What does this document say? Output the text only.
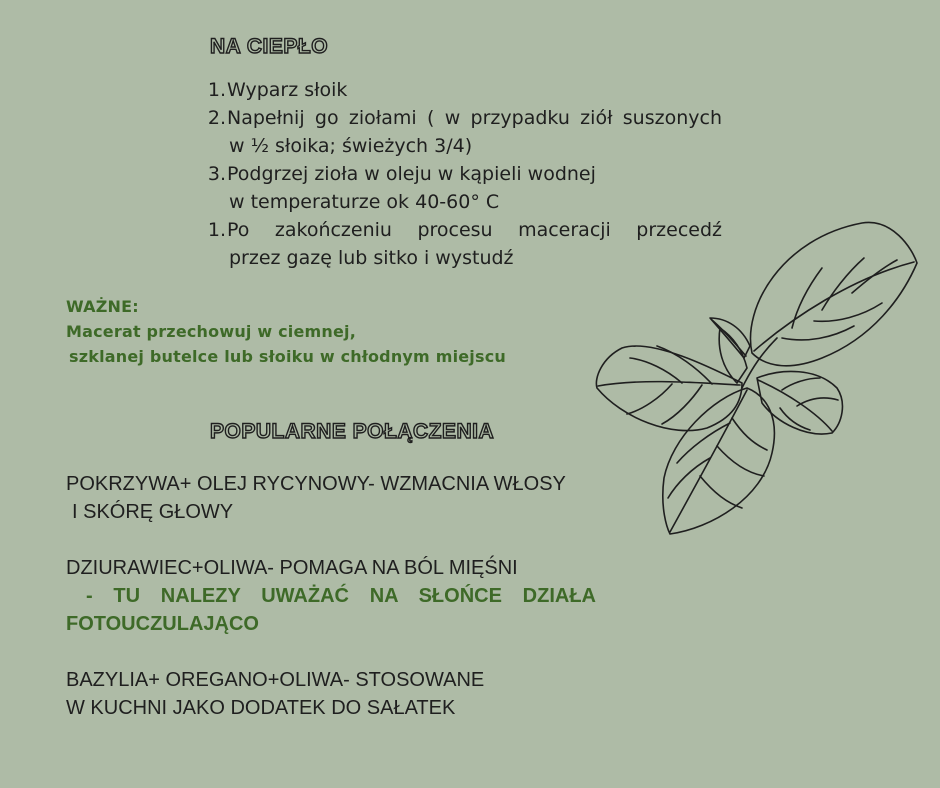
NA CIEPŁO
1. Wyparz słoik
2. Napełnij go ziołami ( w przypadku ziół suszonych
w ½ słoika; świeżych 3/4)
3. Podgrzej zioła w oleju w kąpieli wodnej
w temperaturze ok 40-60° C
1. Po zakończeniu procesu maceracji przecedź
przez gazę lub sitko i wystudź
WAŻNE:
Macerat przechowuj w ciemnej,
szklanej butelce lub słoiku w chłodnym miejscu
POPULARNE POŁĄCZENIA

POKRZYWA+ OLEJ RYCYNOWY- WZMACNIA WŁOSY
I SKÓRĘ GŁOWY

DZIURAWIEC+OLIWA- POMAGA NA BÓL MIĘŚNI
- TU NALEZY UWAŻAĆ NA SŁOŃCE DZIAŁA
FOTOUCZULAJĄCO

BAZYLIA+ OREGANO+OLIWA- STOSOWANE
W KUCHNI JAKO DODATEK DO SAŁATEK
